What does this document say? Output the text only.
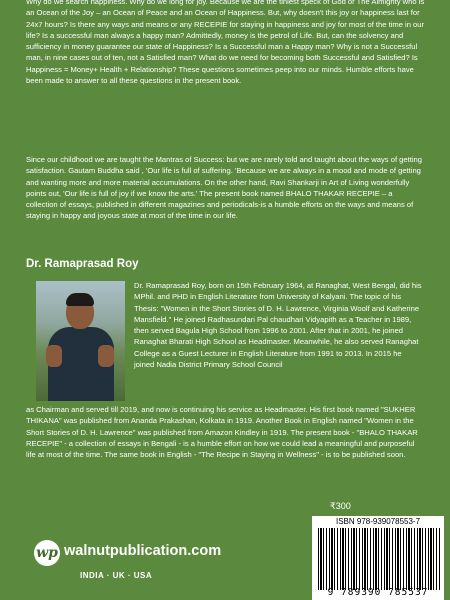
Why do we search happiness. Why do we long for joy. Because we are the tiniest speck of God or The Almighty who is an Ocean of the Joy – an Ocean of Peace and an Ocean of Happiness. But, why doesn't this joy or happiness last for 24x7 hours? Is there any ways and means or any RECEPIE for staying in happiness and joy for most of the time in our life? Is a successful man always a happy man? Admittedly, money is the petrol of Life. But, can the solvency and sufficiency in money guarantee our state of Happiness? Is a Successful man a Happy man? Why is not a Successful man, in nine cases out of ten, not a Satisfied man? What do we need for becoming both Successful and Satisfied? Is Happiness = Money+ Health + Relationship? These questions sometimes peep into our minds. Humble efforts have been made to answer to all these questions in the present book.

Since our childhood we are taught the Mantras of Success: but we are rarely told and taught about the ways of getting satisfaction. Gautam Buddha said , 'Our life is full of suffering. 'Because we are always in a mood and mode of getting and wanting more and more material accumulations. On the other hand, Ravi Shankarji in Art of Living wonderfully points out, 'Our life is full of joy if we know the arts.' The present book named BHALO THAKAR RECEPIE – a collection of essays, published in different magazines and periodicals-is a humble efforts on the ways and means of staying in happy and joyous state at most of the time in our life.

Dr. Ramaprasad Roy

Dr. Ramaprasad Roy, born on 15th February 1964, at Ranaghat, West Bengal, did his MPhil. and PHD in English Literature from University of Kalyani. The topic of his Thesis: "Women in the Short Stories of D. H. Lawrence, Virginia Woolf and Katherine Mansfield." He joined Radhasundari Pal chaudhari Vidyapith as a Teacher in 1989, then served Bagula High School from 1996 to 2001. After that in 2001, he joined Ranaghat Bharati High School as Headmaster. Meanwhile, he also served Ranaghat College as a Guest Lecturer in English Literature from 1991 to 2013. In 2015 he joined Nadia District Primary School Council

as Chairman and served till 2019, and now is continuing his service as Headmaster. His first book named "SUKHER THIKANA" was published from Ananda Prakashan, Kolkata in 1919. Another Book in English named "Women in the Short Stories of D. H. Lawrence" was published from Amazon Kindley in 1919. The present book - "BHALO THAKAR RECEPIE" - a collection of essays in Bengali - is a humble effort on how we could lead a meaningful and purposeful life at most of the time. The same book in English - "The Recipe in Staying in Wellness" - is to be published soon.

₹300

ISBN 978-939078553-7

9 789390 785537

wp walnutpublication.com

INDIA · UK · USA
